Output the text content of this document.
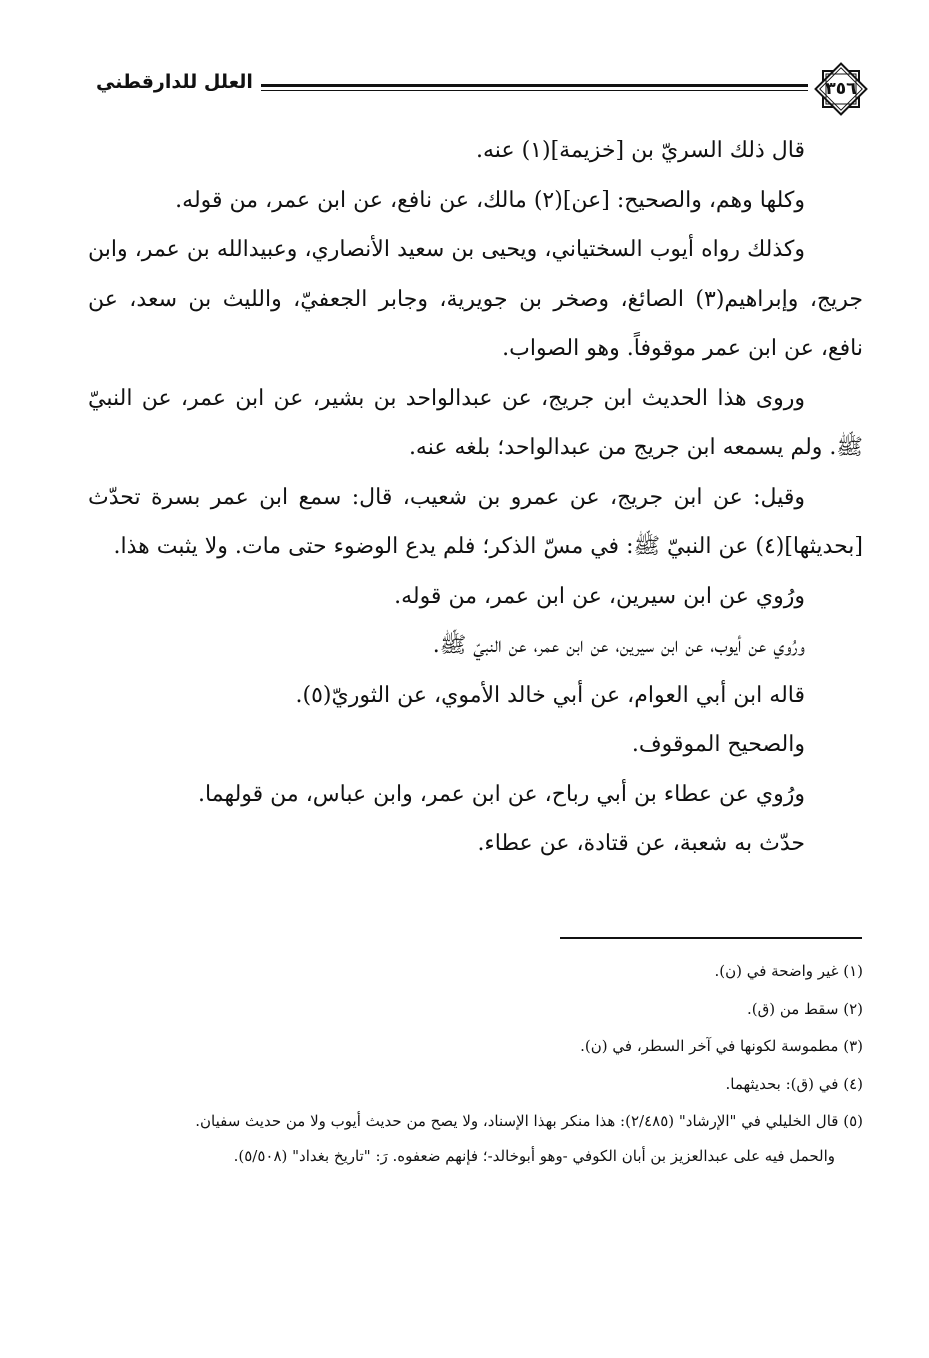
العلل للدارقطني	٣٥٦

قال ذلك السريّ بن [خزيمة](١) عنه.

وكلها وهم، والصحيح: [عن](٢) مالك، عن نافع، عن ابن عمر، من قوله.

وكذلك رواه أيوب السختياني، ويحيى بن سعيد الأنصاري، وعبيدالله بن عمر، وابن جريج، وإبراهيم(٣) الصائغ، وصخر بن جويرية، وجابر الجعفيّ، والليث بن سعد، عن نافع، عن ابن عمر موقوفاً. وهو الصواب.

وروى هذا الحديث ابن جريج، عن عبدالواحد بن بشير، عن ابن عمر، عن النبيّ ﷺ. ولم يسمعه ابن جريج من عبدالواحد؛ بلغه عنه.

وقيل: عن ابن جريج، عن عمرو بن شعيب، قال: سمع ابن عمر بسرة تحدّث [بحديثها](٤) عن النبيّ ﷺ: في مسّ الذكر؛ فلم يدع الوضوء حتى مات. ولا يثبت هذا.

ورُوي عن ابن سيرين، عن ابن عمر، من قوله.

ورُوي عن أيوب، عن ابن سيرين، عن ابن عمر، عن النبيّ ﷺ.

قاله ابن أبي العوام، عن أبي خالد الأموي، عن الثوريّ(٥).

والصحيح الموقوف.

ورُوي عن عطاء بن أبي رباح، عن ابن عمر، وابن عباس، من قولهما.

حدّث به شعبة، عن قتادة، عن عطاء.

(١) غير واضحة في (ن).

(٢) سقط من (ق).

(٣) مطموسة لكونها في آخر السطر، في (ن).

(٤) في (ق): بحديثهما.

(٥) قال الخليلي في "الإرشاد" (٢/٤٨٥): هذا منكر بهذا الإسناد، ولا يصح من حديث أيوب ولا من حديث سفيان.

والحمل فيه على عبدالعزيز بن أبان الكوفي -وهو أبوخالد-؛ فإنهم ضعفوه. رَ: "تاريخ بغداد" (٥/٥٠٨).
